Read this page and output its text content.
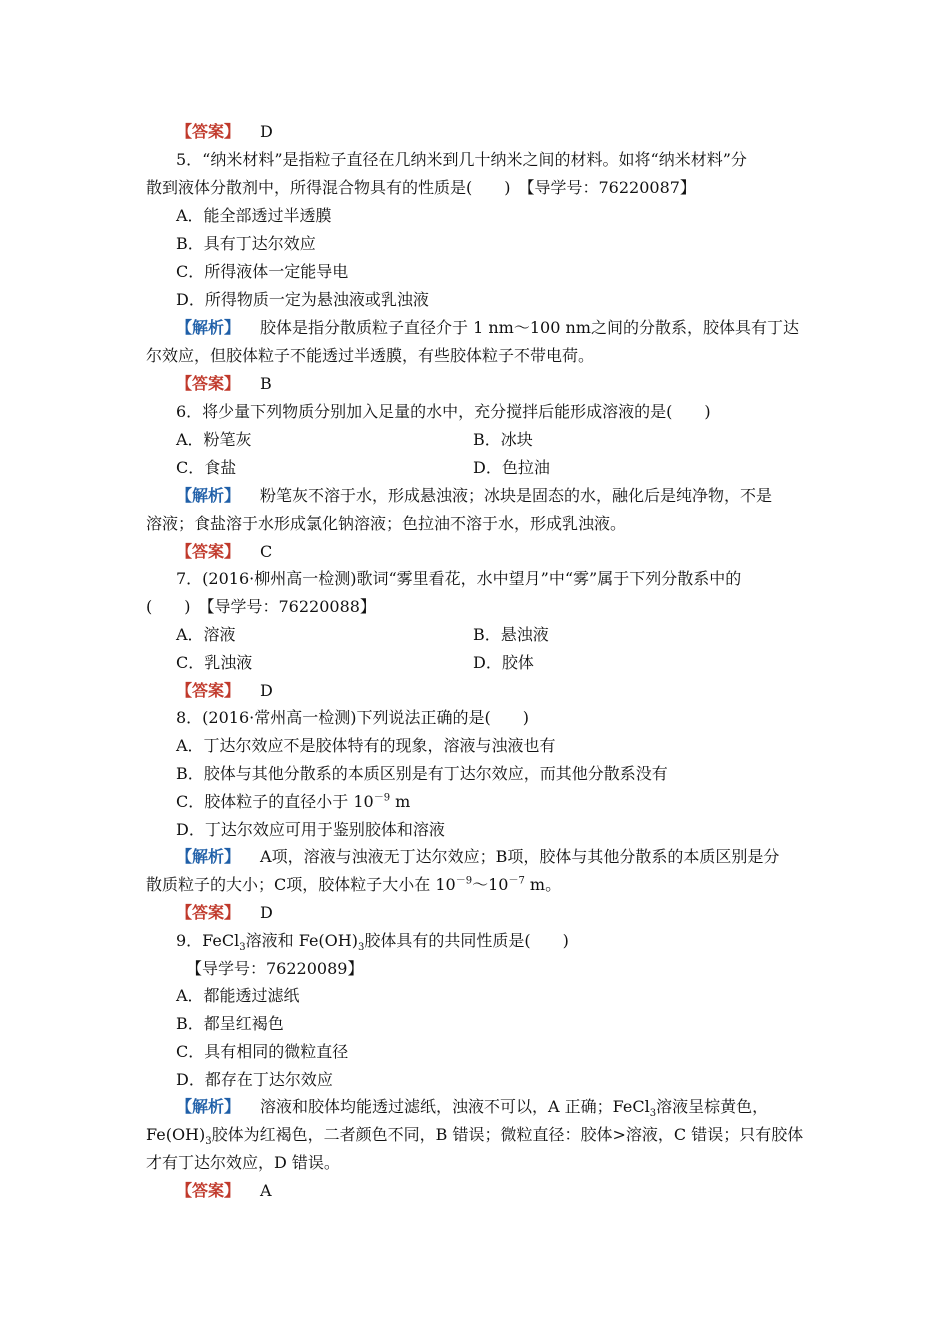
【答案】 D
5．“纳米材料”是指粒子直径在几纳米到几十纳米之间的材料。如将“纳米材料”分
散到液体分散剂中，所得混合物具有的性质是(　　)　【导学号：76220087】
A．能全部透过半透膜
B．具有丁达尔效应
C．所得液体一定能导电
D．所得物质一定为悬浊液或乳浊液
【解析】 胶体是指分散质粒子直径介于 1 nm～100 nm之间的分散系，胶体具有丁达
尔效应，但胶体粒子不能透过半透膜，有些胶体粒子不带电荷。
【答案】 B
6．将少量下列物质分别加入足量的水中，充分搅拌后能形成溶液的是(　　)
A．粉笔灰	B．冰块
C．食盐	D．色拉油
【解析】 粉笔灰不溶于水，形成悬浊液；冰块是固态的水，融化后是纯净物，不是
溶液；食盐溶于水形成氯化钠溶液；色拉油不溶于水，形成乳浊液。
【答案】 C
7．(2016·柳州高一检测)歌词“雾里看花，水中望月”中“雾”属于下列分散系中的
(　　)　【导学号：76220088】
A．溶液	B．悬浊液
C．乳浊液	D．胶体
【答案】 D
8．(2016·常州高一检测)下列说法正确的是(　　)
A．丁达尔效应不是胶体特有的现象，溶液与浊液也有
B．胶体与其他分散系的本质区别是有丁达尔效应，而其他分散系没有
C．胶体粒子的直径小于 $10^{-9}$ m
D．丁达尔效应可用于鉴别胶体和溶液
【解析】 A项，溶液与浊液无丁达尔效应；B项，胶体与其他分散系的本质区别是分
散质粒子的大小；C项，胶体粒子大小在 $10^{-9}\sim 10^{-7}$ m。
【答案】 D
9．FeCl$_3$溶液和 $Fe(OH)_3$胶体具有的共同性质是(　　)
【导学号：76220089】
A．都能透过滤纸
B．都呈红褐色
C．具有相同的微粒直径
D．都存在丁达尔效应
【解析】 溶液和胶体均能透过滤纸，浊液不可以，A 正确；FeCl$_3$溶液呈棕黄色，
$Fe(OH)_3$胶体为红褐色，二者颜色不同，B 错误；微粒直径：胶体>溶液，C 错误；只有胶体
才有丁达尔效应，D 错误。
【答案】 A
